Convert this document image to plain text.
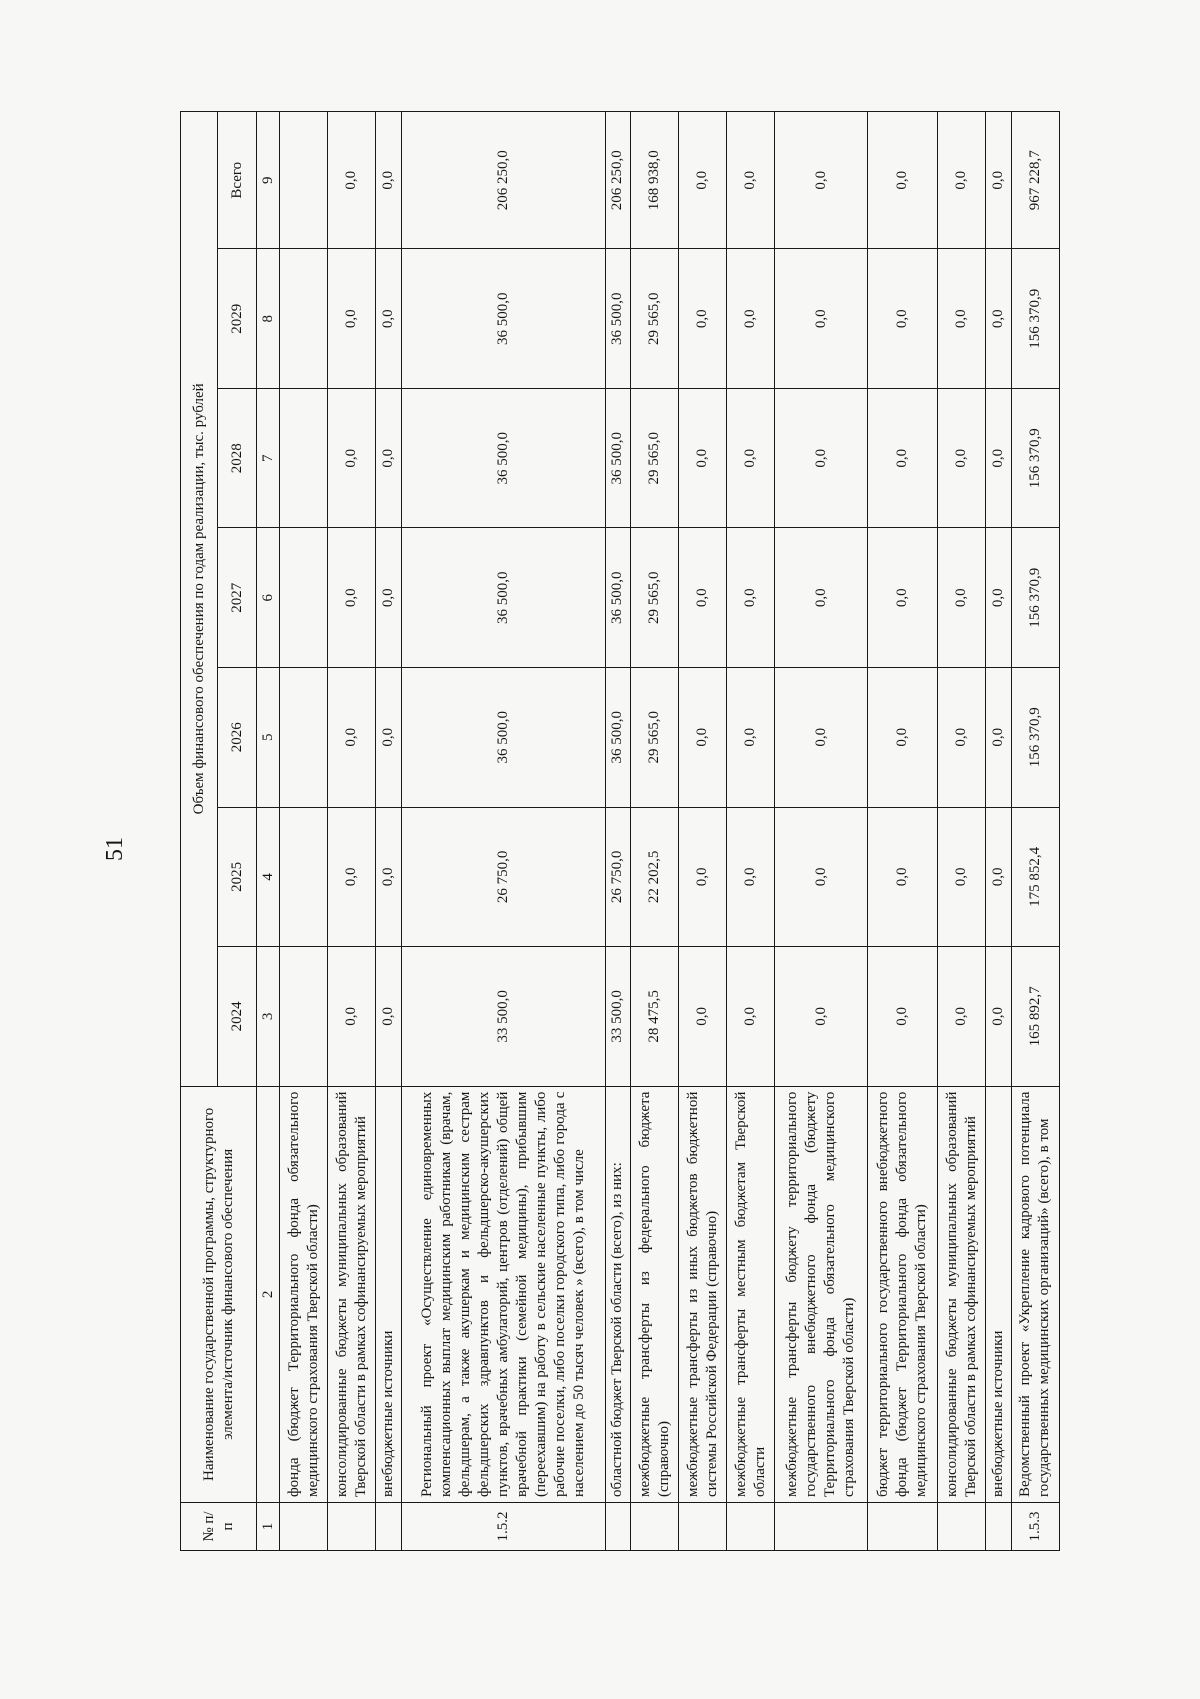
51
№ п/п	Наименование государственной программы, структурного элемента/источник финансового обеспечения	Объем финансового обеспечения по годам реализации, тыс. рублей						
		2024	2025	2026	2027	2028	2029	Всего
1	2	3	4	5	6	7	8	9
	фонда (бюджет Территориального фонда обязательного медицинского страхования Тверской области)							
	консолидированные бюджеты муниципальных образований Тверской области в рамках софинансируемых мероприятий	0,0	0,0	0,0	0,0	0,0	0,0	0,0
	внебюджетные источники	0,0	0,0	0,0	0,0	0,0	0,0	0,0
1.5.2	Региональный проект «Осуществление единовременных компенсационных выплат медицинским работникам (врачам, фельдшерам, а также акушеркам и медицинским сестрам фельдшерских здравпунктов и фельдшерско-акушерских пунктов, врачебных амбулаторий, центров (отделений) общей врачебной практики (семейной медицины), прибывшим (переехавшим) на работу в сельские населенные пункты, либо рабочие поселки, либо поселки городского типа, либо города с населением до 50 тысяч человек » (всего), в том числе	33 500,0	26 750,0	36 500,0	36 500,0	36 500,0	36 500,0	206 250,0
	областной бюджет Тверской области (всего), из них:	33 500,0	26 750,0	36 500,0	36 500,0	36 500,0	36 500,0	206 250,0
	межбюджетные трансферты из федерального бюджета (справочно)	28 475,5	22 202,5	29 565,0	29 565,0	29 565,0	29 565,0	168 938,0
	межбюджетные трансферты из иных бюджетов бюджетной системы Российской Федерации (справочно)	0,0	0,0	0,0	0,0	0,0	0,0	0,0
	межбюджетные трансферты местным бюджетам Тверской области	0,0	0,0	0,0	0,0	0,0	0,0	0,0
	межбюджетные трансферты бюджету территориального государственного внебюджетного фонда (бюджету Территориального фонда обязательного медицинского страхования Тверской области)	0,0	0,0	0,0	0,0	0,0	0,0	0,0
	бюджет территориального государственного внебюджетного фонда (бюджет Территориального фонда обязательного медицинского страхования Тверской области)	0,0	0,0	0,0	0,0	0,0	0,0	0,0
	консолидированные бюджеты муниципальных образований Тверской области в рамках софинансируемых мероприятий	0,0	0,0	0,0	0,0	0,0	0,0	0,0
	внебюджетные источники	0,0	0,0	0,0	0,0	0,0	0,0	0,0
1.5.3	Ведомственный проект «Укрепление кадрового потенциала государственных медицинских организаций» (всего), в том	165 892,7	175 852,4	156 370,9	156 370,9	156 370,9	156 370,9	967 228,7
